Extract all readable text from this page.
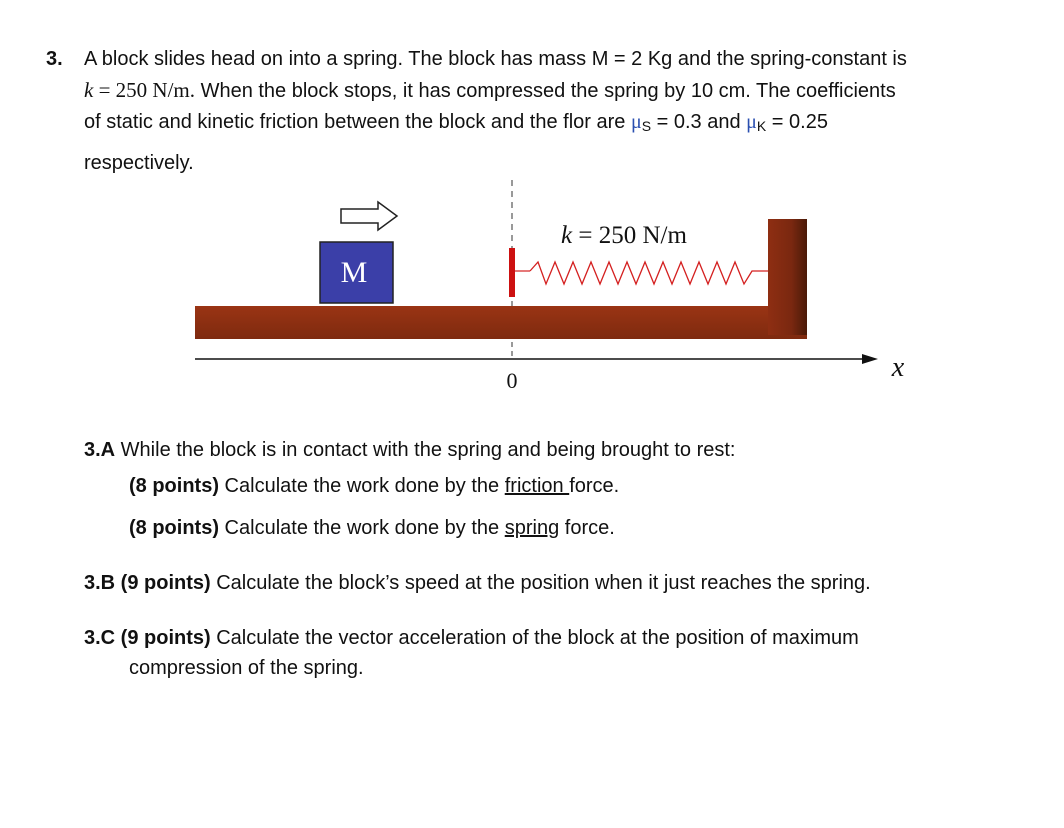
3. A block slides head on into a spring. The block has mass M = 2 Kg and the spring-constant is
k = 250 N/m. When the block stops, it has compressed the spring by 10 cm. The coefficients
of static and kinetic friction between the block and the flor are $\mu_S = 0.3$ and $\mu_K = 0.25$
respectively.
M
k = 250 N/m
x
0
3.A While the block is in contact with the spring and being brought to rest:
(8 points) Calculate the work done by the friction force.
(8 points) Calculate the work done by the spring force.
3.B (9 points) Calculate the block’s speed at the position when it just reaches the spring.
3.C (9 points) Calculate the vector acceleration of the block at the position of maximum
compression of the spring.
